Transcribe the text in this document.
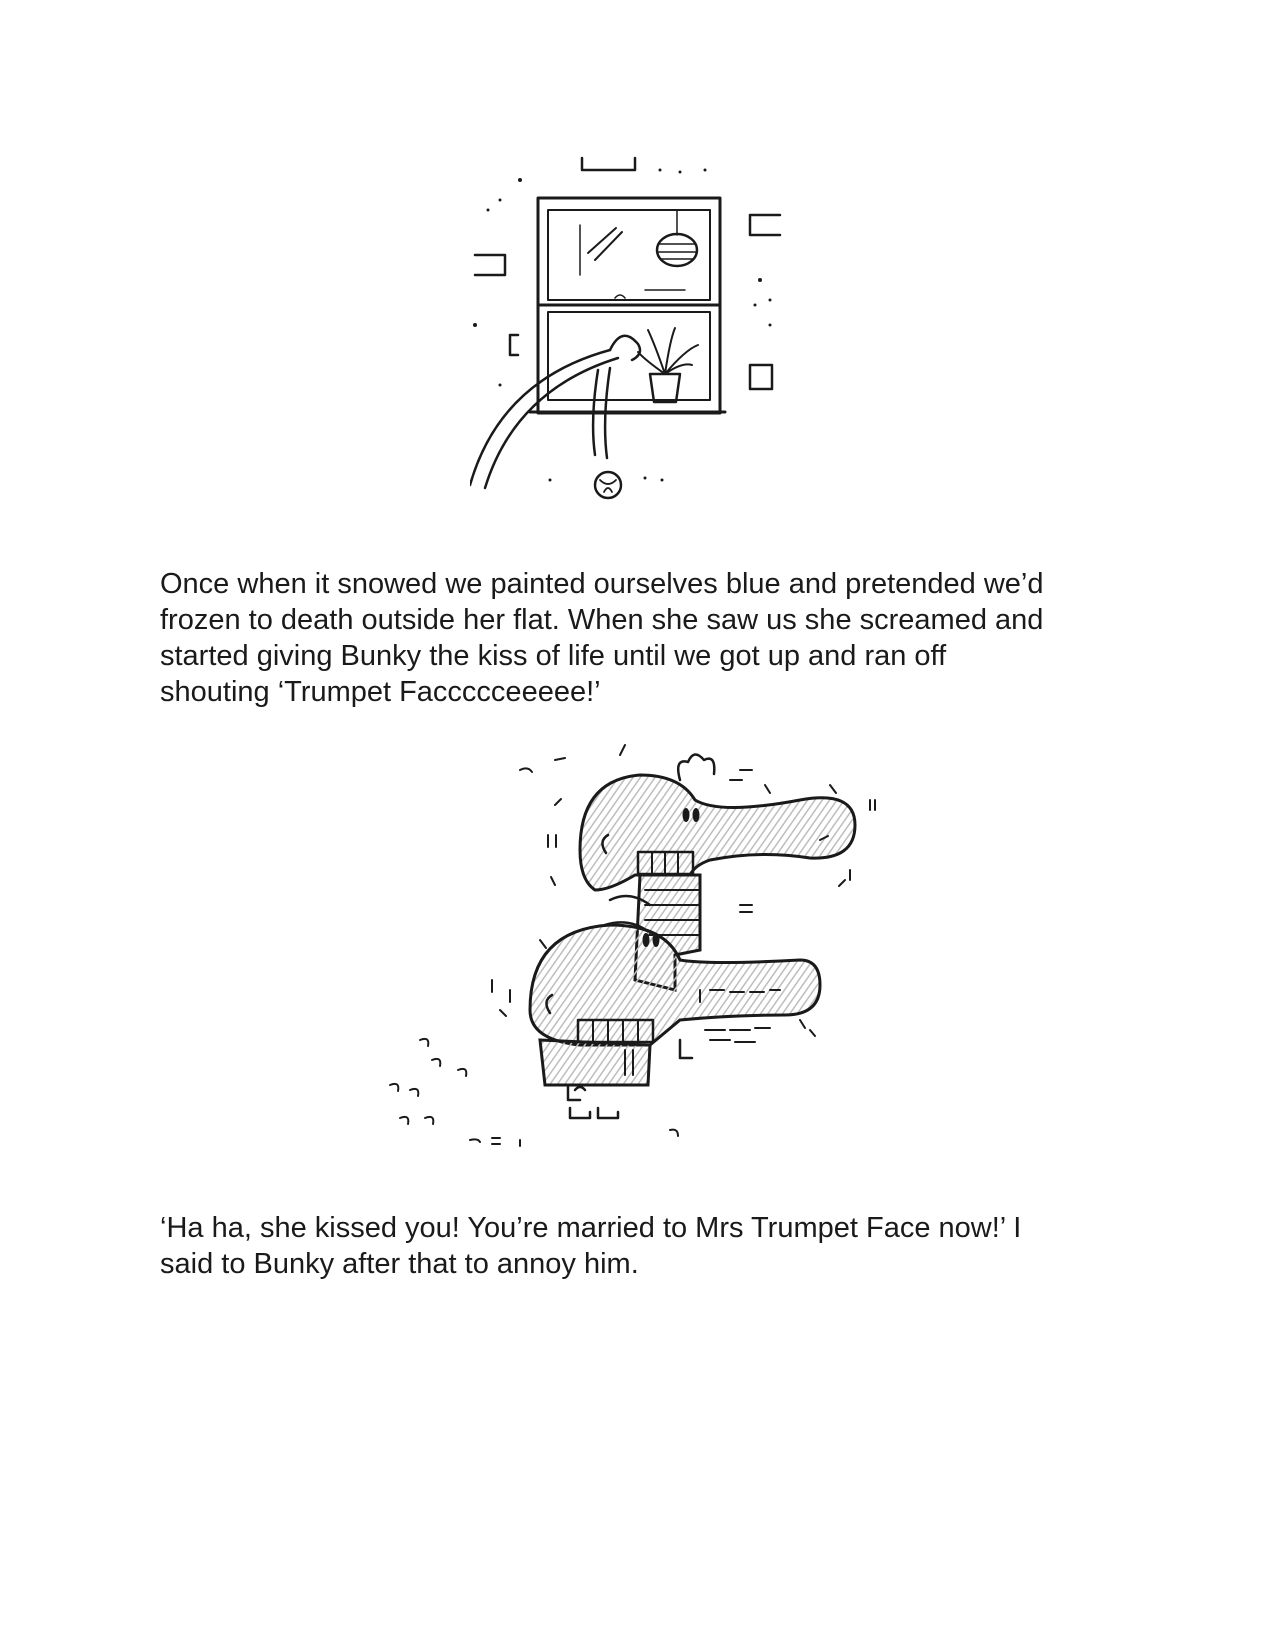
Once when it snowed we painted ourselves blue and pretended we’d
frozen to death outside her flat. When she saw us she screamed and
started giving Bunky the kiss of life until we got up and ran off
shouting ‘Trumpet Faccccceeeee!’

‘Ha ha, she kissed you! You’re married to Mrs Trumpet Face now!’ I
said to Bunky after that to annoy him.
